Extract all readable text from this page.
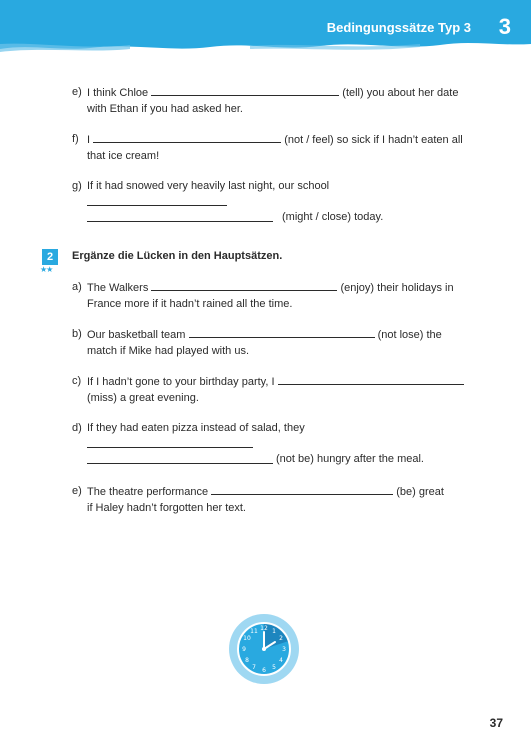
Bedingungssätze Typ 3 3
e) I think Chloe	(tell) you about her date
with Ethan if you had asked her.
f) I	(not / feel) so sick if I hadn’t eaten all
that ice cream!
g) If it had snowed very heavily last night, our school
(might / close) today.
2
★★
Ergänze die Lücken in den Hauptsätzen.
a) The Walkers	(enjoy) their holidays in
France more if it hadn’t rained all the time.
b) Our basketball team	(not lose) the
match if Mike had played with us.
c) If I hadn’t gone to your birthday party, I
(miss) a great evening.
d) If they had eaten pizza instead of salad, they
(not be) hungry after the meal.
e) The theatre performance	(be) great
if Haley hadn’t forgotten her text.
12 1
2
3
4
5
6
7
8
9
10
11
37
